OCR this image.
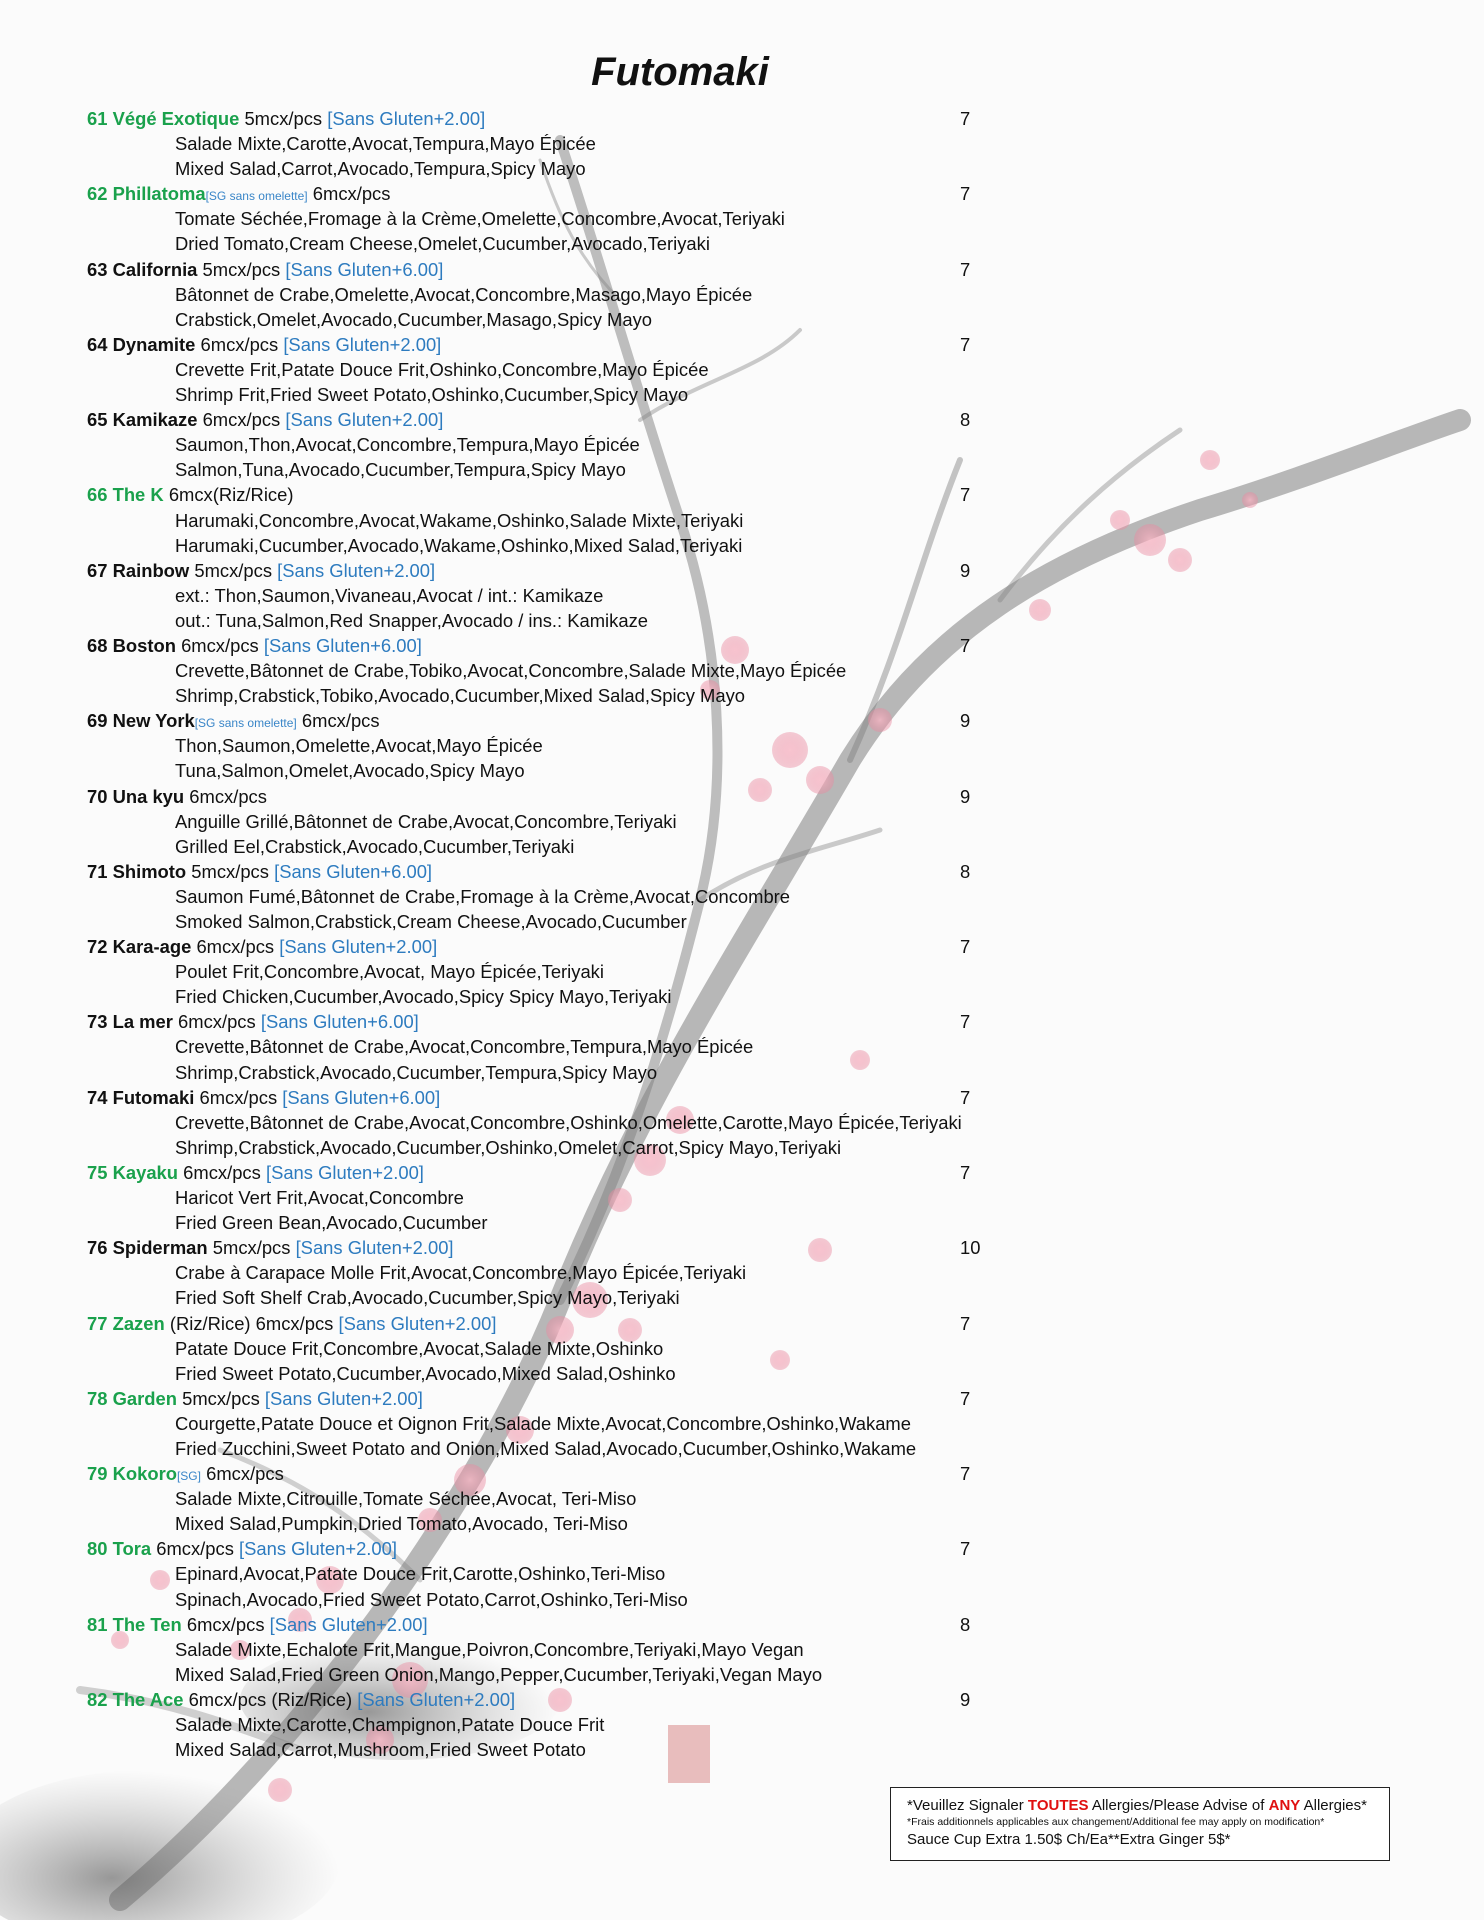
Futomaki
61 Végé Exotique 5mcx/pcs [Sans Gluten+2.00]	7
Salade Mixte,Carotte,Avocat,Tempura,Mayo Épicée
Mixed Salad,Carrot,Avocado,Tempura,Spicy Mayo
62 Phillatoma[SG sans omelette] 6mcx/pcs	7
Tomate Séchée,Fromage à la Crème,Omelette,Concombre,Avocat,Teriyaki
Dried Tomato,Cream Cheese,Omelet,Cucumber,Avocado,Teriyaki
63 California 5mcx/pcs [Sans Gluten+6.00]	7
Bâtonnet de Crabe,Omelette,Avocat,Concombre,Masago,Mayo Épicée
Crabstick,Omelet,Avocado,Cucumber,Masago,Spicy Mayo
64 Dynamite 6mcx/pcs [Sans Gluten+2.00]	7
Crevette Frit,Patate Douce Frit,Oshinko,Concombre,Mayo Épicée
Shrimp Frit,Fried Sweet Potato,Oshinko,Cucumber,Spicy Mayo
65 Kamikaze 6mcx/pcs [Sans Gluten+2.00]	8
Saumon,Thon,Avocat,Concombre,Tempura,Mayo Épicée
Salmon,Tuna,Avocado,Cucumber,Tempura,Spicy Mayo
66 The K 6mcx(Riz/Rice)	7
Harumaki,Concombre,Avocat,Wakame,Oshinko,Salade Mixte,Teriyaki
Harumaki,Cucumber,Avocado,Wakame,Oshinko,Mixed Salad,Teriyaki
67 Rainbow 5mcx/pcs [Sans Gluten+2.00]	9
ext.: Thon,Saumon,Vivaneau,Avocat / int.: Kamikaze
out.: Tuna,Salmon,Red Snapper,Avocado / ins.: Kamikaze
68 Boston 6mcx/pcs [Sans Gluten+6.00]	7
Crevette,Bâtonnet de Crabe,Tobiko,Avocat,Concombre,Salade Mixte,Mayo Épicée
Shrimp,Crabstick,Tobiko,Avocado,Cucumber,Mixed Salad,Spicy Mayo
69 New York[SG sans omelette] 6mcx/pcs	9
Thon,Saumon,Omelette,Avocat,Mayo Épicée
Tuna,Salmon,Omelet,Avocado,Spicy Mayo
70 Una kyu 6mcx/pcs	9
Anguille Grillé,Bâtonnet de Crabe,Avocat,Concombre,Teriyaki
Grilled Eel,Crabstick,Avocado,Cucumber,Teriyaki
71 Shimoto 5mcx/pcs [Sans Gluten+6.00]	8
Saumon Fumé,Bâtonnet de Crabe,Fromage à la Crème,Avocat,Concombre
Smoked Salmon,Crabstick,Cream Cheese,Avocado,Cucumber
72 Kara-age 6mcx/pcs [Sans Gluten+2.00]	7
Poulet Frit,Concombre,Avocat, Mayo Épicée,Teriyaki
Fried Chicken,Cucumber,Avocado,Spicy Spicy Mayo,Teriyaki
73 La mer 6mcx/pcs [Sans Gluten+6.00]	7
Crevette,Bâtonnet de Crabe,Avocat,Concombre,Tempura,Mayo Épicée
Shrimp,Crabstick,Avocado,Cucumber,Tempura,Spicy Mayo
74 Futomaki 6mcx/pcs [Sans Gluten+6.00]	7
Crevette,Bâtonnet de Crabe,Avocat,Concombre,Oshinko,Omelette,Carotte,Mayo Épicée,Teriyaki
Shrimp,Crabstick,Avocado,Cucumber,Oshinko,Omelet,Carrot,Spicy Mayo,Teriyaki
75 Kayaku 6mcx/pcs [Sans Gluten+2.00]	7
Haricot Vert Frit,Avocat,Concombre
Fried Green Bean,Avocado,Cucumber
76 Spiderman 5mcx/pcs [Sans Gluten+2.00]	10
Crabe à Carapace Molle Frit,Avocat,Concombre,Mayo Épicée,Teriyaki
Fried Soft Shelf Crab,Avocado,Cucumber,Spicy Mayo,Teriyaki
77 Zazen (Riz/Rice) 6mcx/pcs [Sans Gluten+2.00]	7
Patate Douce Frit,Concombre,Avocat,Salade Mixte,Oshinko
Fried Sweet Potato,Cucumber,Avocado,Mixed Salad,Oshinko
78 Garden 5mcx/pcs [Sans Gluten+2.00]	7
Courgette,Patate Douce et Oignon Frit,Salade Mixte,Avocat,Concombre,Oshinko,Wakame
Fried Zucchini,Sweet Potato and Onion,Mixed Salad,Avocado,Cucumber,Oshinko,Wakame
79 Kokoro[SG] 6mcx/pcs	7
Salade Mixte,Citrouille,Tomate Séchée,Avocat, Teri-Miso
Mixed Salad,Pumpkin,Dried Tomato,Avocado, Teri-Miso
80 Tora 6mcx/pcs [Sans Gluten+2.00]	7
Epinard,Avocat,Patate Douce Frit,Carotte,Oshinko,Teri-Miso
Spinach,Avocado,Fried Sweet Potato,Carrot,Oshinko,Teri-Miso
81 The Ten 6mcx/pcs [Sans Gluten+2.00]	8
Salade Mixte,Echalote Frit,Mangue,Poivron,Concombre,Teriyaki,Mayo Vegan
Mixed Salad,Fried Green Onion,Mango,Pepper,Cucumber,Teriyaki,Vegan Mayo
82 The Ace 6mcx/pcs (Riz/Rice) [Sans Gluten+2.00]	9
Salade Mixte,Carotte,Champignon,Patate Douce Frit
Mixed Salad,Carrot,Mushroom,Fried Sweet Potato
*Veuillez Signaler TOUTES Allergies/Please Advise of ANY Allergies*
*Frais additionnels applicables aux changement/Additional fee may apply on modification*
Sauce Cup Extra 1.50$ Ch/Ea**Extra Ginger 5$*
